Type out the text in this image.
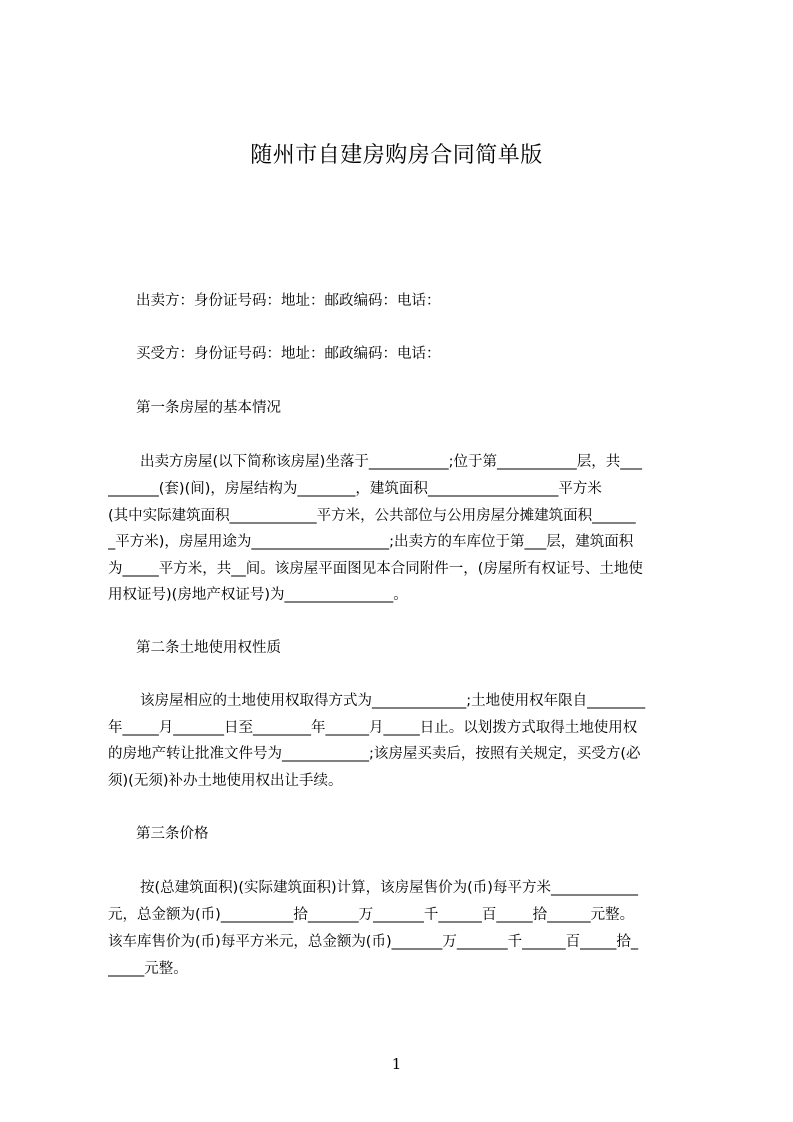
随州市自建房购房合同简单版
出卖方：身份证号码：地址：邮政编码：电话：
买受方：身份证号码：地址：邮政编码：电话：
第一条房屋的基本情况
出卖方房屋(以下简称该房屋)坐落于___________;位于第___________层，共___
_______(套)(间)，房屋结构为________，建筑面积__________________平方米
(其中实际建筑面积____________平方米，公共部位与公用房屋分摊建筑面积______
_平方米)，房屋用途为___________________;出卖方的车库位于第___层，建筑面积
为_____平方米，共__间。该房屋平面图见本合同附件一，(房屋所有权证号、土地使
用权证号)(房地产权证号)为_______________。
第二条土地使用权性质
该房屋相应的土地使用权取得方式为_____________;土地使用权年限自________
年_____月_______日至________年______月_____日止。以划拨方式取得土地使用权
的房地产转让批准文件号为____________;该房屋买卖后，按照有关规定，买受方(必
须)(无须)补办土地使用权出让手续。
第三条价格
按(总建筑面积)(实际建筑面积)计算，该房屋售价为(币)每平方米____________
元，总金额为(币)__________拾_______万_______千______百_____拾______元整。
该车库售价为(币)每平方米元，总金额为(币)_______万_______千______百_____拾_
_____元整。
1
